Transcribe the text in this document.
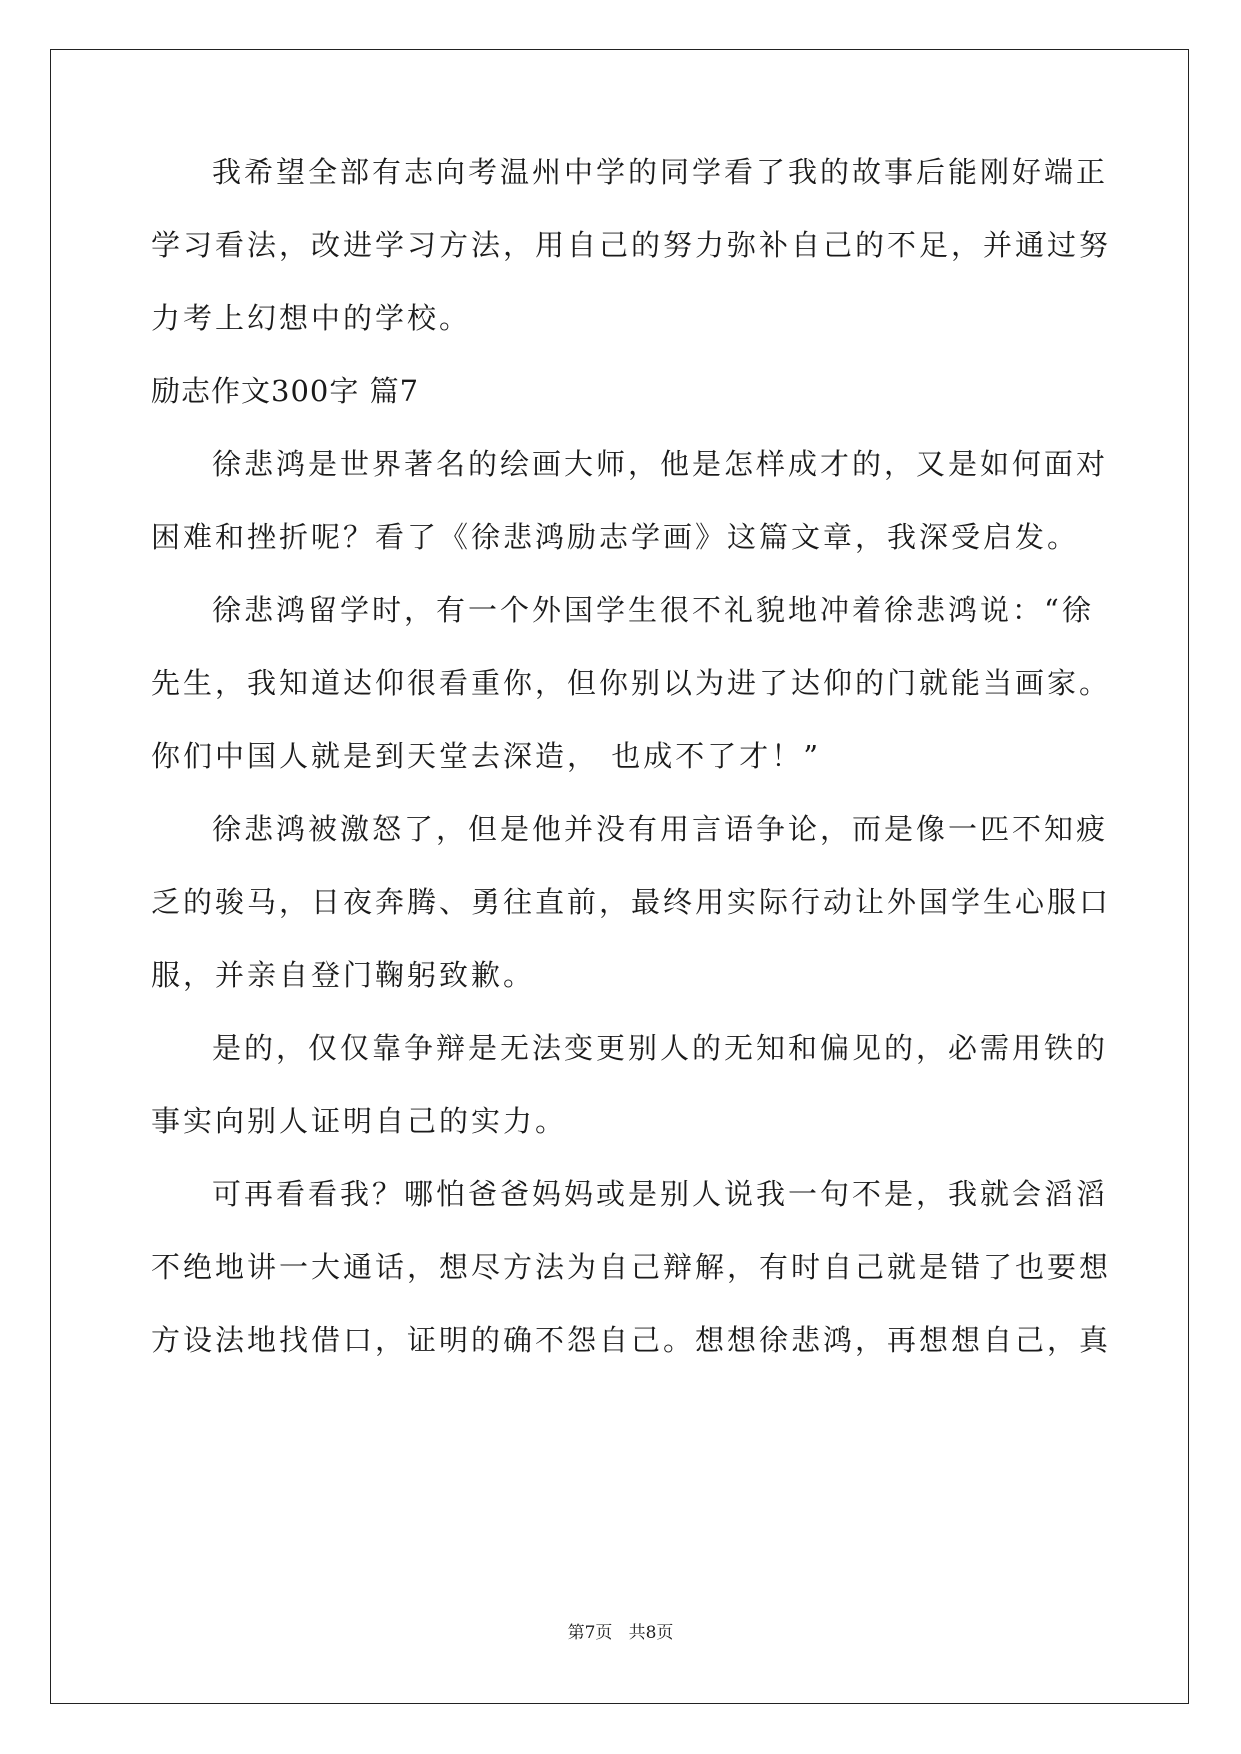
我希望全部有志向考温州中学的同学看了我的故事后能刚好端正
学习看法，改进学习方法，用自己的努力弥补自己的不足，并通过努
力考上幻想中的学校。
励志作文300字 篇7
徐悲鸿是世界著名的绘画大师，他是怎样成才的，又是如何面对
困难和挫折呢？看了《徐悲鸿励志学画》这篇文章，我深受启发。
徐悲鸿留学时，有一个外国学生很不礼貌地冲着徐悲鸿说：“徐
先生，我知道达仰很看重你，但你别以为进了达仰的门就能当画家。
你们中国人就是到天堂去深造， 也成不了才！”
徐悲鸿被激怒了，但是他并没有用言语争论，而是像一匹不知疲
乏的骏马，日夜奔腾、勇往直前，最终用实际行动让外国学生心服口
服，并亲自登门鞠躬致歉。
是的，仅仅靠争辩是无法变更别人的无知和偏见的，必需用铁的
事实向别人证明自己的实力。
可再看看我？哪怕爸爸妈妈或是别人说我一句不是，我就会滔滔
不绝地讲一大通话，想尽方法为自己辩解，有时自己就是错了也要想
方设法地找借口，证明的确不怨自己。想想徐悲鸿，再想想自己，真
第7页   共8页
